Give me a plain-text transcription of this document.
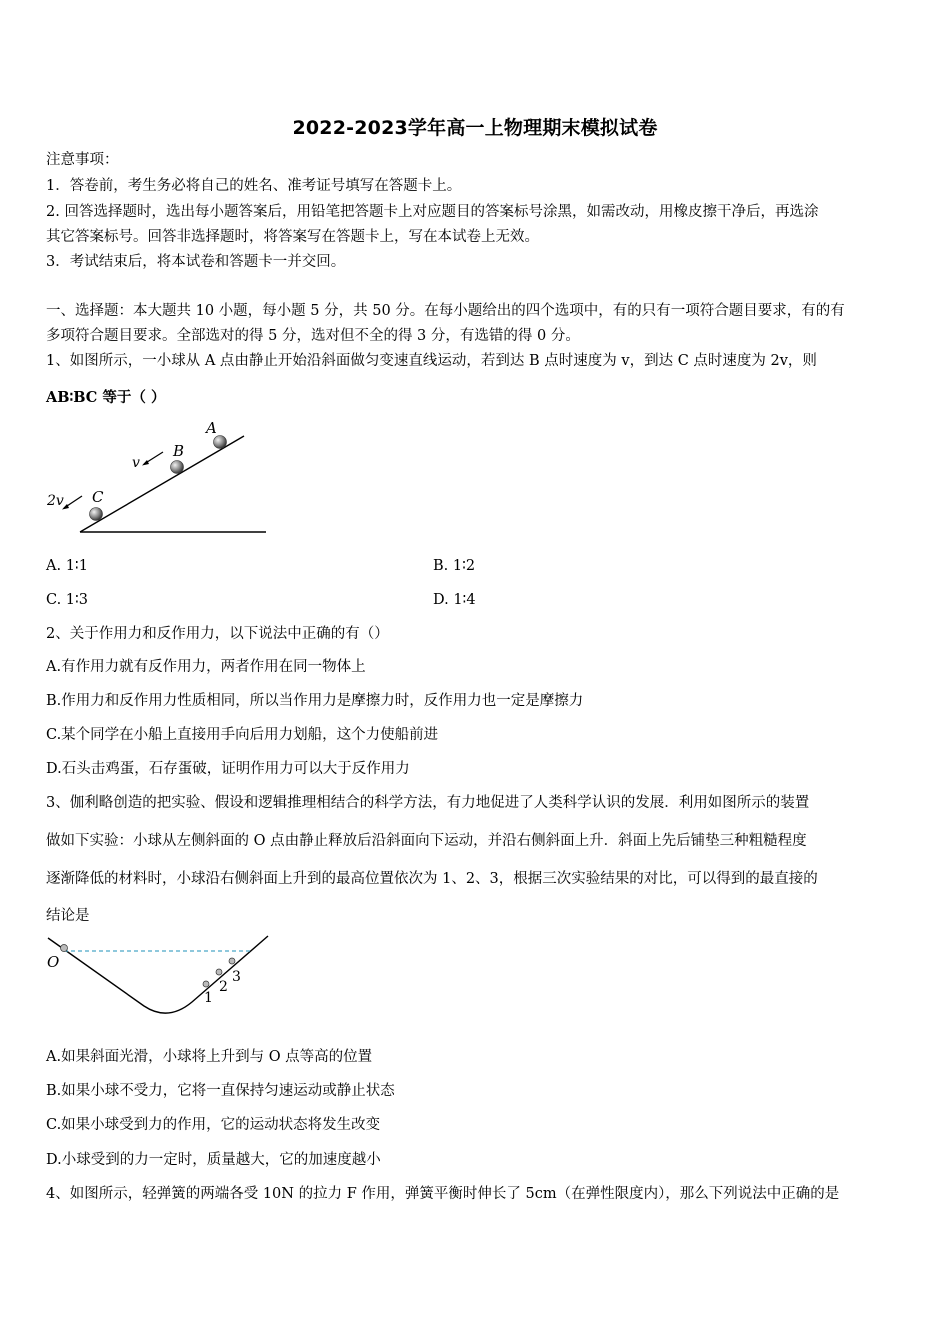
2022-2023学年高一上物理期末模拟试卷
注意事项：
1．答卷前，考生务必将自己的姓名、准考证号填写在答题卡上。
2. 回答选择题时，选出每小题答案后，用铅笔把答题卡上对应题目的答案标号涂黑，如需改动，用橡皮擦干净后，再选涂
其它答案标号。回答非选择题时，将答案写在答题卡上，写在本试卷上无效。
3．考试结束后，将本试卷和答题卡一并交回。
一、选择题：本大题共 10 小题，每小题 5 分，共 50 分。在每小题给出的四个选项中，有的只有一项符合题目要求，有的有
多项符合题目要求。全部选对的得 5 分，选对但不全的得 3 分，有选错的得 0 分。
1、如图所示，一小球从 A 点由静止开始沿斜面做匀变速直线运动，若到达 B 点时速度为 v，到达 C 点时速度为 2v，则
AB∶BC 等于（ ）
A
B
C
v
2v
A. 1∶1	B. 1∶2
C. 1∶3	D. 1∶4
2、关于作用力和反作用力，以下说法中正确的有（）
A.有作用力就有反作用力，两者作用在同一物体上
B.作用力和反作用力性质相同，所以当作用力是摩擦力时，反作用力也一定是摩擦力
C.某个同学在小船上直接用手向后用力划船，这个力使船前进
D.石头击鸡蛋，石存蛋破，证明作用力可以大于反作用力
3、伽利略创造的把实验、假设和逻辑推理相结合的科学方法，有力地促进了人类科学认识的发展．利用如图所示的装置
做如下实验：小球从左侧斜面的 O 点由静止释放后沿斜面向下运动，并沿右侧斜面上升．斜面上先后铺垫三种粗糙程度
逐渐降低的材料时，小球沿右侧斜面上升到的最高位置依次为 1、2、3，根据三次实验结果的对比，可以得到的最直接的
结论是
O
1
2
3
A.如果斜面光滑，小球将上升到与 O 点等高的位置
B.如果小球不受力，它将一直保持匀速运动或静止状态
C.如果小球受到力的作用，它的运动状态将发生改变
D.小球受到的力一定时，质量越大，它的加速度越小
4、如图所示，轻弹簧的两端各受 10N 的拉力 F 作用，弹簧平衡时伸长了 5cm（在弹性限度内），那么下列说法中正确的是
